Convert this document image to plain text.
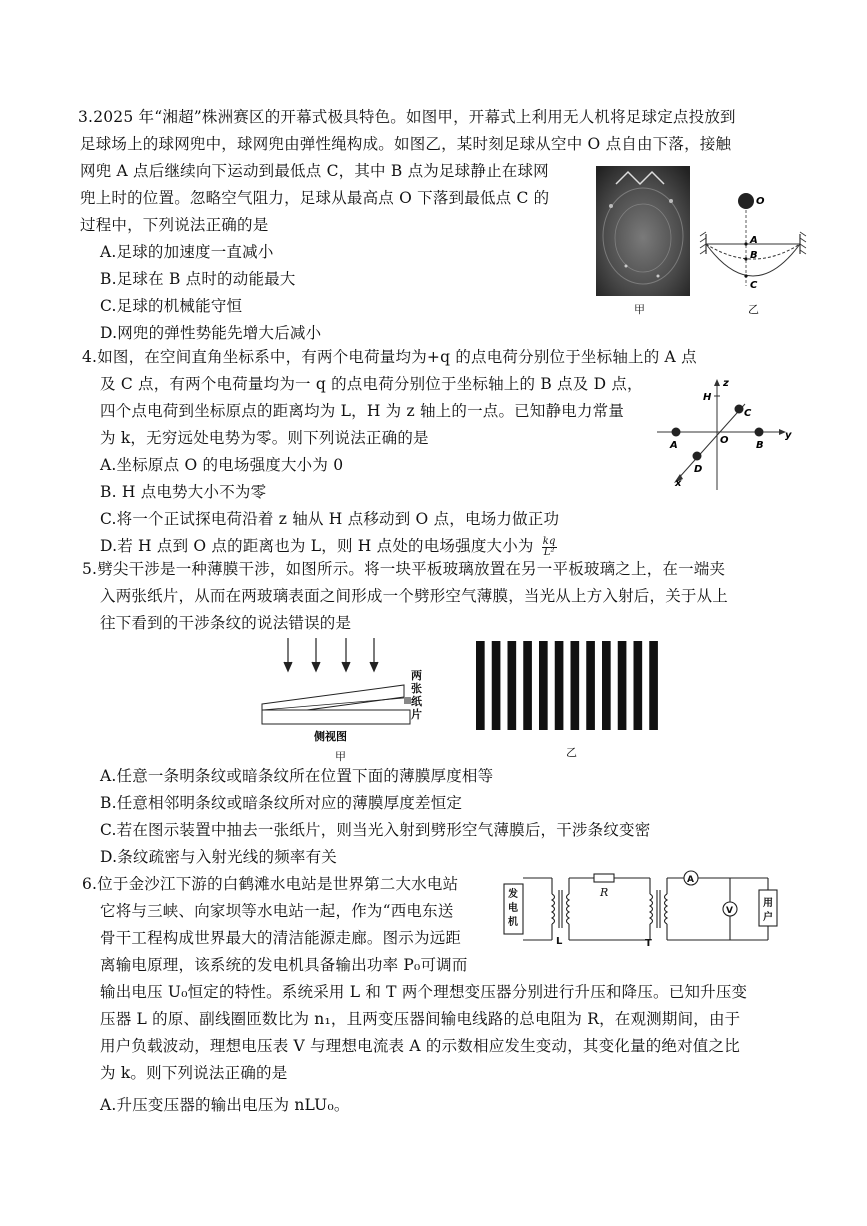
3.2025 年“湘超”株洲赛区的开幕式极具特色。如图甲，开幕式上利用无人机将足球定点投放到
足球场上的球网兜中，球网兜由弹性绳构成。如图乙，某时刻足球从空中 O 点自由下落，接触
网兜 A 点后继续向下运动到最低点 C，其中 B 点为足球静止在球网
兜上时的位置。忽略空气阻力，足球从最高点 O 下落到最低点 C 的
过程中，下列说法正确的是
A.足球的加速度一直减小
B.足球在 B 点时的动能最大
C.足球的机械能守恒
D.网兜的弹性势能先增大后减小
甲
O
A
B
C
乙
4.如图，在空间直角坐标系中，有两个电荷量均为+q 的点电荷分别位于坐标轴上的 A 点
及 C 点，有两个电荷量均为一 q 的点电荷分别位于坐标轴上的 B 点及 D 点，
四个点电荷到坐标原点的距离均为 L，H 为 z 轴上的一点。已知静电力常量
为 k，无穷远处电势为零。则下列说法正确的是
A.坐标原点 O 的电场强度大小为 0
B. H 点电势大小不为零
C.将一个正试探电荷沿着 z 轴从 H 点移动到 O 点，电场力做正功
D.若 H 点到 O 点的距离也为 L，则 H 点处的电场强度大小为 $\frac{kq}{\text{L²}}$
z
y
x
H
C
A	O	B
D
5.劈尖干涉是一种薄膜干涉，如图所示。将一块平板玻璃放置在另一平板玻璃之上，在一端夹
入两张纸片，从而在两玻璃表面之间形成一个劈形空气薄膜，当光从上方入射后，关于从上
往下看到的干涉条纹的说法错误的是
侧视图
两
张
纸
片
甲	乙
A.任意一条明条纹或暗条纹所在位置下面的薄膜厚度相等
B.任意相邻明条纹或暗条纹所对应的薄膜厚度差恒定
C.若在图示装置中抽去一张纸片，则当光入射到劈形空气薄膜后，干涉条纹变密
D.条纹疏密与入射光线的频率有关
6.位于金沙江下游的白鹤滩水电站是世界第二大水电站
它将与三峡、向家坝等水电站一起，作为“西电东送
骨干工程构成世界最大的清洁能源走廊。图示为远距
离输电原理，该系统的发电机具备输出功率 P₀可调而
输出电压 U₀恒定的特性。系统采用 L 和 T 两个理想变压器分别进行升压和降压。已知升压变
压器 L 的原、副线圈匝数比为 n₁，且两变压器间输电线路的总电阻为 R，在观测期间，由于
用户负载波动，理想电压表 V 与理想电流表 A 的示数相应发生变动，其变化量的绝对值之比
为 k。则下列说法正确的是
A.升压变压器的输出电压为 nLU₀。
发
电
机
用
户
L	T
A
V
R
